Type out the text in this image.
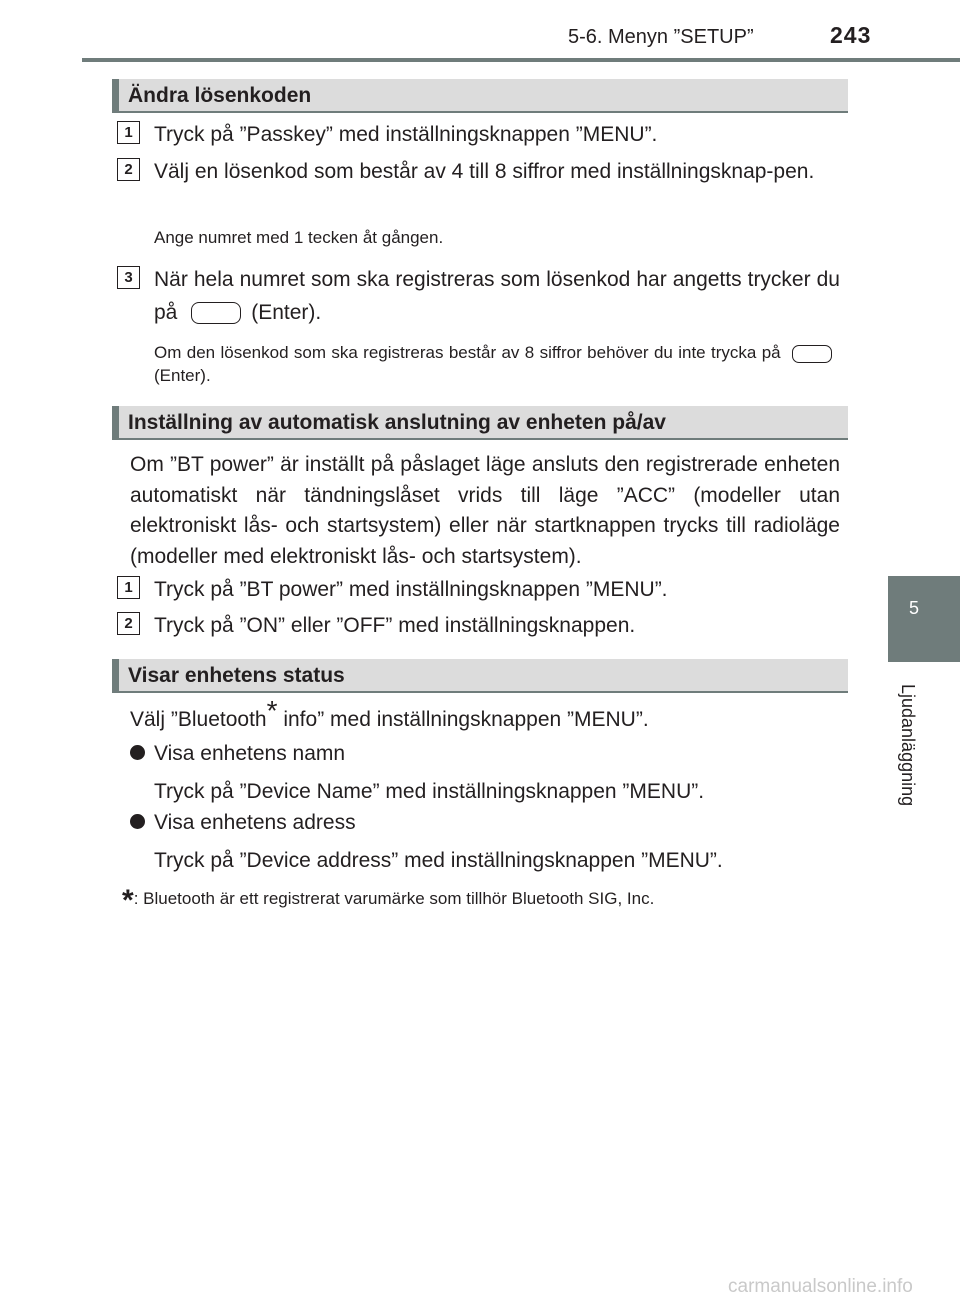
5-6. Menyn ”SETUP”	243
5
Ljudanläggning
Ändra lösenkoden
1	Tryck på ”Passkey” med inställningsknappen ”MENU”.
2	Välj en lösenkod som består av 4 till 8 siffror med inställningsknap-pen.
Ange numret med 1 tecken åt gången.
3	När hela numret som ska registreras som lösenkod har angetts trycker du på	(Enter).
Om den lösenkod som ska registreras består av 8 siffror behöver du inte trycka på (Enter).
Inställning av automatisk anslutning av enheten på/av
Om ”BT power” är inställt på påslaget läge ansluts den registrerade enheten automatiskt när tändningslåset vrids till läge ”ACC” (modeller utan elektroniskt lås- och startsystem) eller när startknappen trycks till radioläge (modeller med elektroniskt lås- och startsystem).
1	Tryck på ”BT power” med inställningsknappen ”MENU”.
2	Tryck på ”ON” eller ”OFF” med inställningsknappen.
Visar enhetens status
Välj ”Bluetooth* info” med inställningsknappen ”MENU”.
Visa enhetens namn
Tryck på ”Device Name” med inställningsknappen ”MENU”.
Visa enhetens adress
Tryck på ”Device address” med inställningsknappen ”MENU”.
*: Bluetooth är ett registrerat varumärke som tillhör Bluetooth SIG, Inc.
carmanualsonline.info
